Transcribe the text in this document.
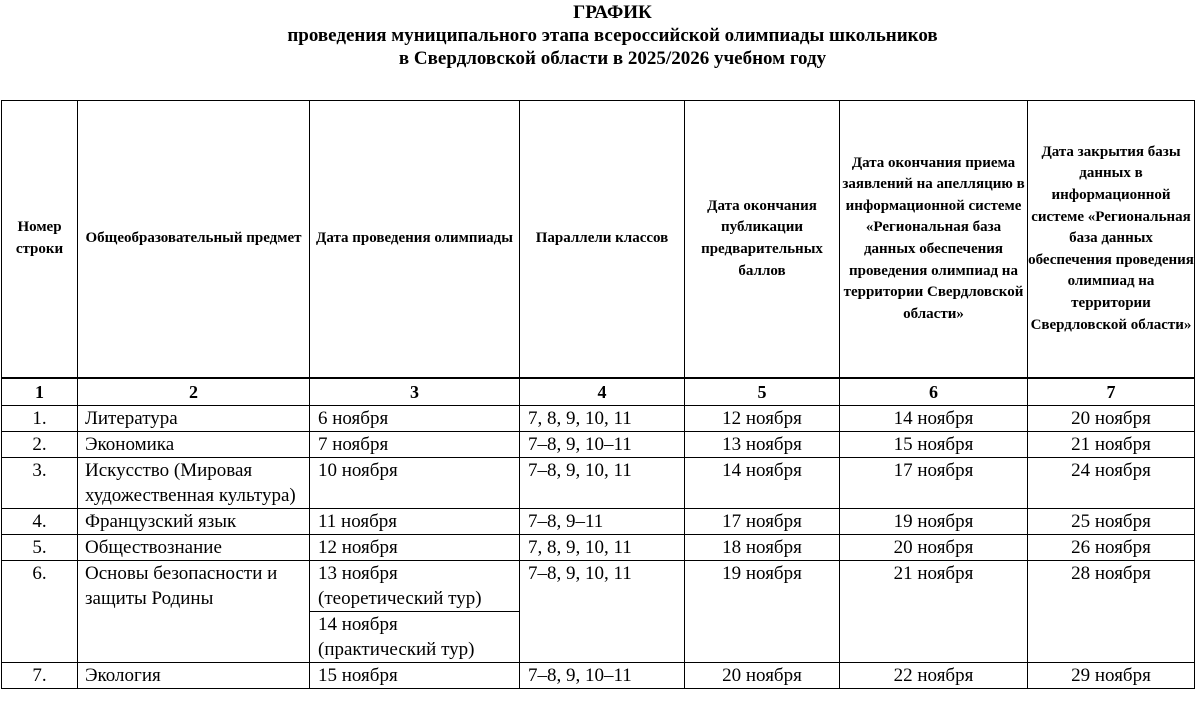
ГРАФИК
проведения муниципального этапа всероссийской олимпиады школьников
в Свердловской области в 2025/2026 учебном году
Номер строки	Общеобразовательный предмет	Дата проведения олимпиады	Параллели классов	Дата окончания публикации предварительных баллов	Дата окончания приема заявлений на апелляцию в информационной системе «Региональная база данных обеспечения проведения олимпиад на территории Свердловской области»	Дата закрытия базы данных в информационной системе «Региональная база данных обеспечения проведения олимпиад на территории Свердловской области»
1	2	3	4	5	6	7
1.	Литература	6 ноября	7, 8, 9, 10, 11	12 ноября	14 ноября	20 ноября
2.	Экономика	7 ноября	7–8, 9, 10–11	13 ноября	15 ноября	21 ноября
3.	Искусство (Мировая художественная культура)	10 ноября	7–8, 9, 10, 11	14 ноября	17 ноября	24 ноября
4.	Французский язык	11 ноября	7–8, 9–11	17 ноября	19 ноября	25 ноября
5.	Обществознание	12 ноября	7, 8, 9, 10, 11	18 ноября	20 ноября	26 ноября
6.	Основы безопасности и защиты Родины	13 ноября (теоретический тур)	7–8, 9, 10, 11	19 ноября	21 ноября	28 ноября
		14 ноября (практический тур)				
7.	Экология	15 ноября	7–8, 9, 10–11	20 ноября	22 ноября	29 ноября
